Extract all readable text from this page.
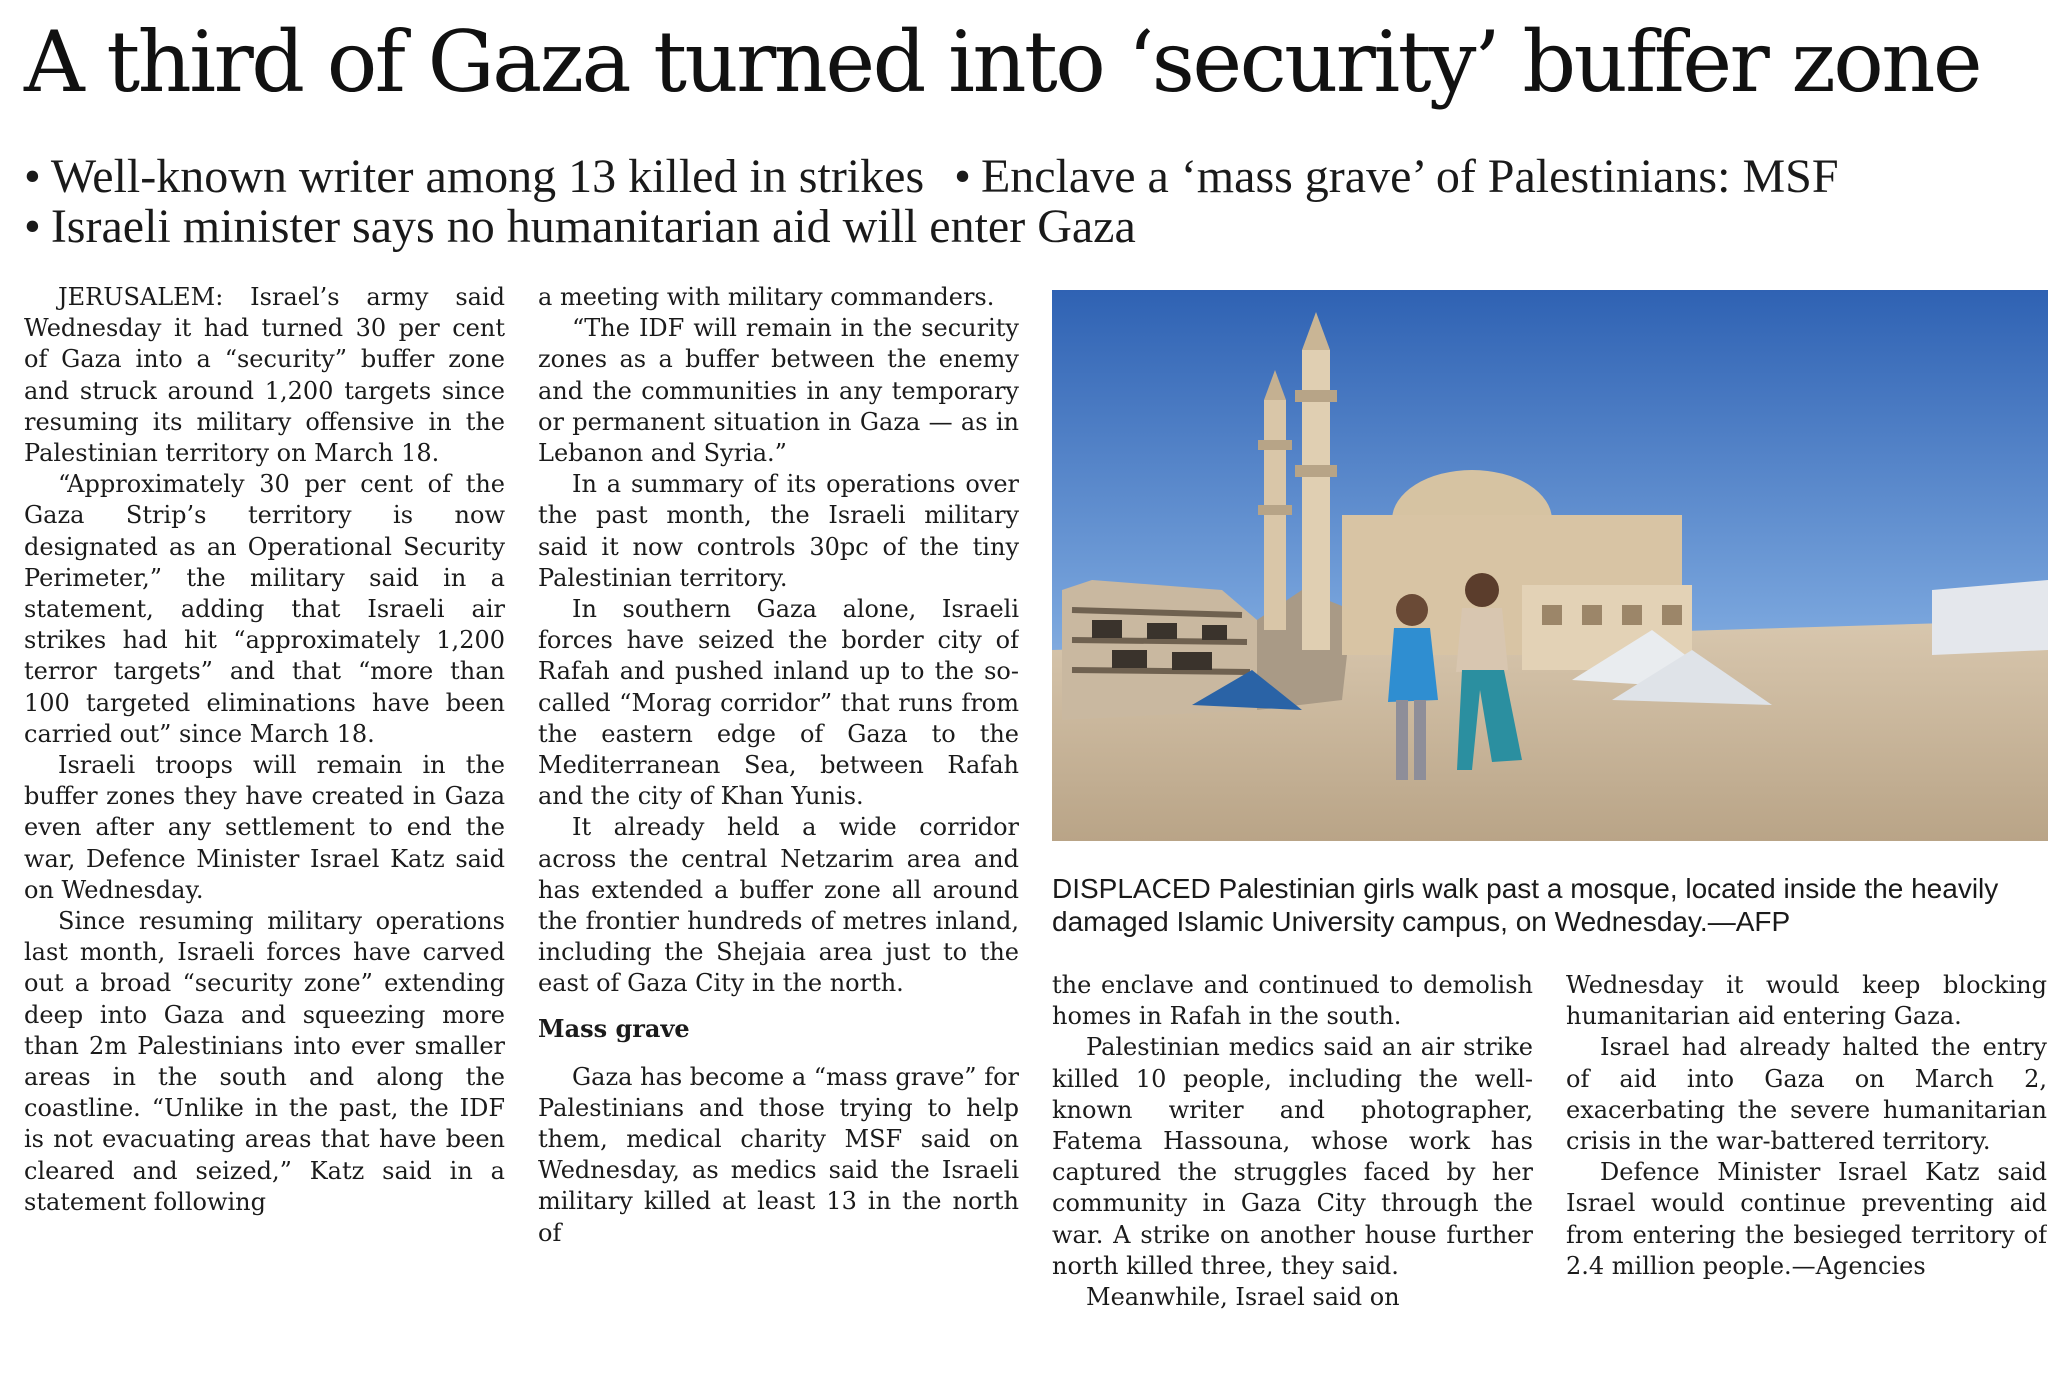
A third of Gaza turned into ‘security’ buffer zone
• Well-known writer among 13 killed in strikes • Enclave a ‘mass grave’ of Palestinians: MSF
• Israeli minister says no humanitarian aid will enter Gaza

JERUSALEM: Israel’s army said Wednesday it had turned 30 per cent of Gaza into a “security” buffer zone and struck around 1,200 targets since resuming its military offensive in the Palestinian territory on March 18.

“Approximately 30 per cent of the Gaza Strip’s territory is now designated as an Operational Security Perimeter,” the military said in a statement, adding that Israeli air strikes had hit “approximately 1,200 terror targets” and that “more than 100 targeted eliminations have been carried out” since March 18.

Israeli troops will remain in the buffer zones they have created in Gaza even after any settlement to end the war, Defence Minister Israel Katz said on Wednesday.

Since resuming military operations last month, Israeli forces have carved out a broad “security zone” extending deep into Gaza and squeezing more than 2m Palestinians into ever smaller areas in the south and along the coastline. “Unlike in the past, the IDF is not evacuating areas that have been cleared and seized,” Katz said in a statement following

a meeting with military commanders.

“The IDF will remain in the security zones as a buffer between the enemy and the communities in any temporary or permanent situation in Gaza — as in Lebanon and Syria.”

In a summary of its operations over the past month, the Israeli military said it now controls 30pc of the tiny Palestinian territory.

In southern Gaza alone, Israeli forces have seized the border city of Rafah and pushed inland up to the so-called “Morag corridor” that runs from the eastern edge of Gaza to the Mediterranean Sea, between Rafah and the city of Khan Yunis.

It already held a wide corridor across the central Netzarim area and has extended a buffer zone all around the frontier hundreds of metres inland, including the Shejaia area just to the east of Gaza City in the north.

Mass grave

Gaza has become a “mass grave” for Palestinians and those trying to help them, medical charity MSF said on Wednesday, as medics said the Israeli military killed at least 13 in the north of

DISPLACED Palestinian girls walk past a mosque, located inside the heavily damaged Islamic University campus, on Wednesday.—AFP

the enclave and continued to demolish homes in Rafah in the south.

Palestinian medics said an air strike killed 10 people, including the well-known writer and photographer, Fatema Hassouna, whose work has captured the struggles faced by her community in Gaza City through the war. A strike on another house further north killed three, they said.

Meanwhile, Israel said on

Wednesday it would keep blocking humanitarian aid entering Gaza.

Israel had already halted the entry of aid into Gaza on March 2, exacerbating the severe humanitarian crisis in the war-battered territory.

Defence Minister Israel Katz said Israel would continue preventing aid from entering the besieged territory of 2.4 million people.—Agencies
